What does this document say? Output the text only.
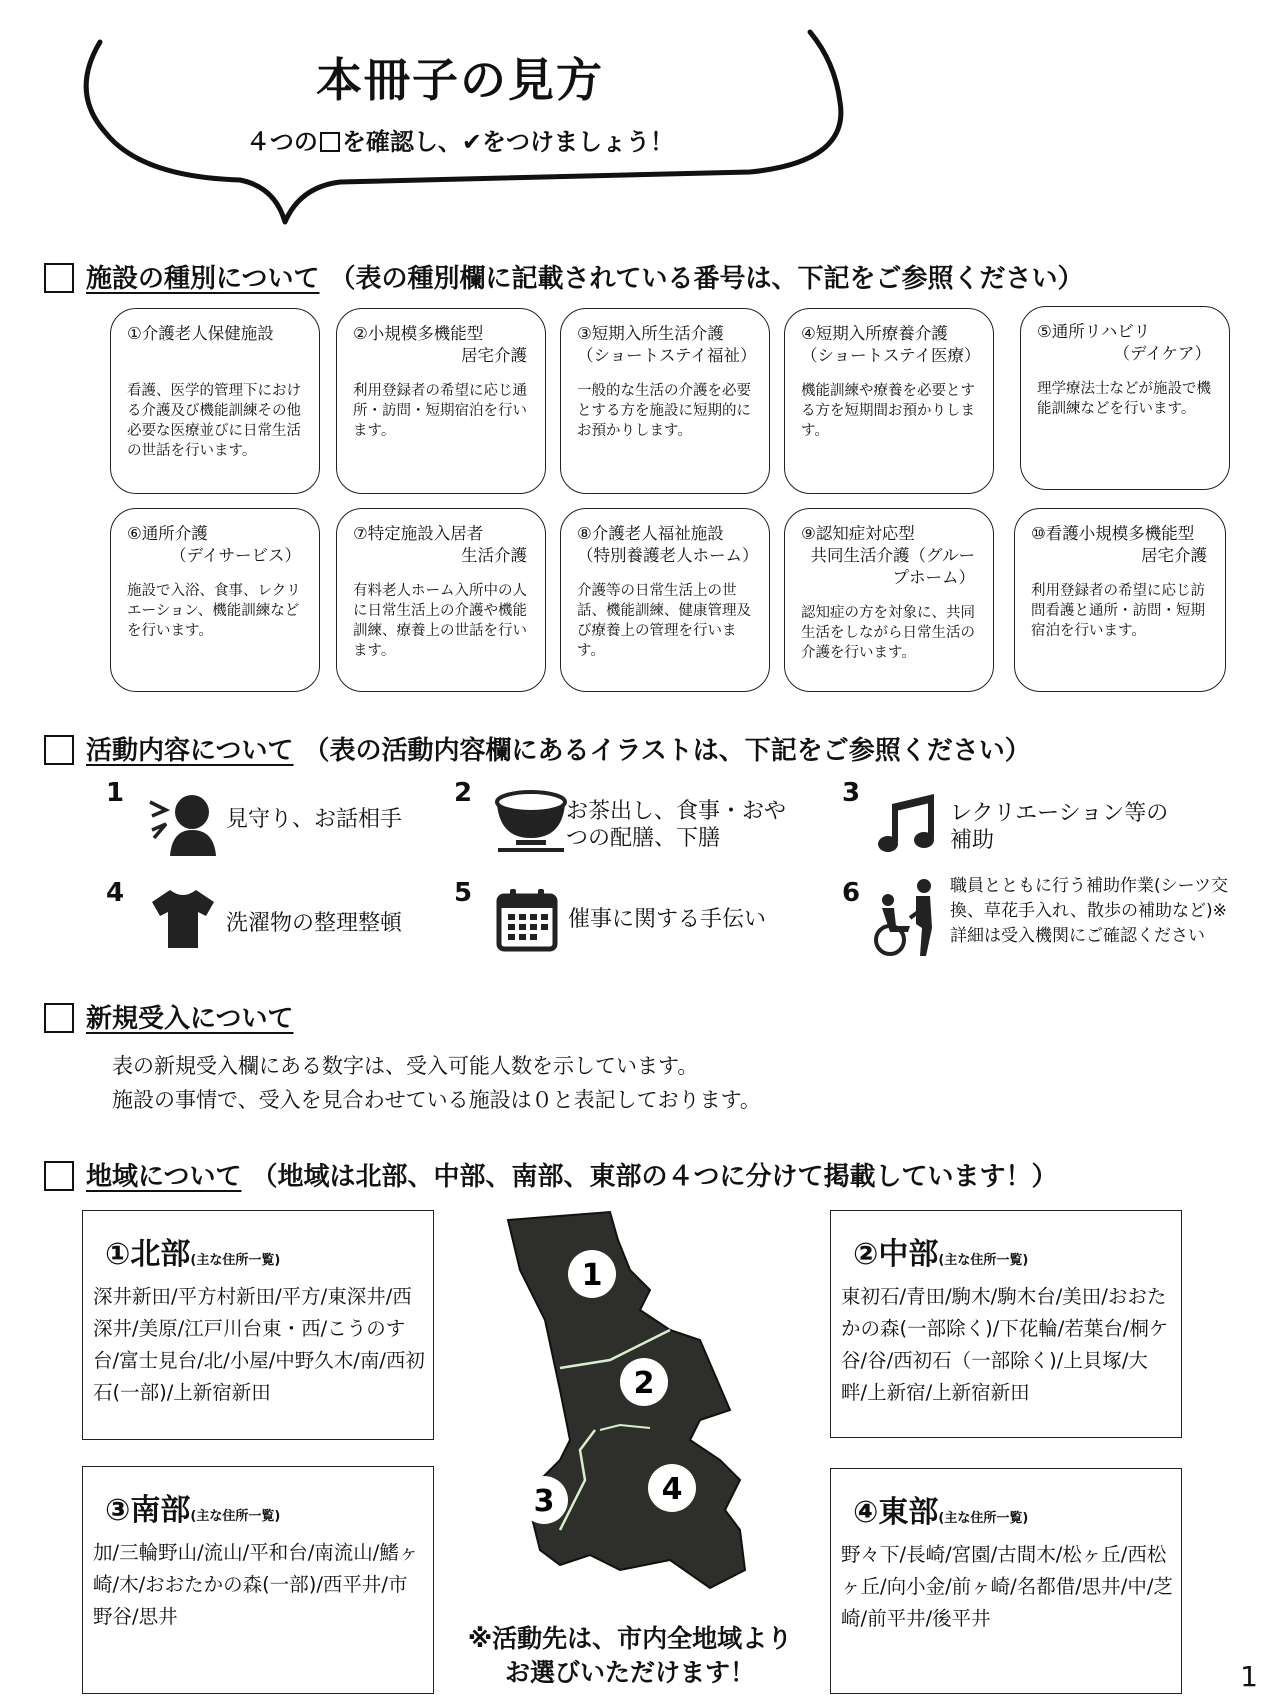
本冊子の見方
４つの を確認し、✔をつけましょう！
施設の種別について （表の種別欄に記載されている番号は、下記をご参照ください）
①介護老人保健施設
看護、医学的管理下における介護及び機能訓練その他必要な医療並びに日常生活の世話を行います。
②小規模多機能型
居宅介護
利用登録者の希望に応じ通所・訪問・短期宿泊を行います。
③短期入所生活介護
（ショートステイ福祉）
一般的な生活の介護を必要とする方を施設に短期的にお預かりします。
④短期入所療養介護
（ショートステイ医療）
機能訓練や療養を必要とする方を短期間お預かりします。
⑤通所リハビリ
（デイケア）
理学療法士などが施設で機能訓練などを行います。
⑥通所介護
（デイサービス）
施設で入浴、食事、レクリエーション、機能訓練などを行います。
⑦特定施設入居者
生活介護
有料老人ホーム入所中の人に日常生活上の介護や機能訓練、療養上の世話を行います。
⑧介護老人福祉施設
（特別養護老人ホーム）
介護等の日常生活上の世話、機能訓練、健康管理及び療養上の管理を行います。
⑨認知症対応型
共同生活介護（グループホーム）
認知症の方を対象に、共同生活をしながら日常生活の介護を行います。
⑩看護小規模多機能型
居宅介護
利用登録者の希望に応じ訪問看護と通所・訪問・短期宿泊を行います。
活動内容について （表の活動内容欄にあるイラストは、下記をご参照ください）
1
見守り、お話相手
2
お茶出し、食事・おやつの配膳、下膳
3
レクリエーション等の補助
4
洗濯物の整理整頓
5
催事に関する手伝い
6	職員とともに行う補助作業(シーツ交換、草花手入れ、散歩の補助など)※詳細は受入機関にご確認ください
新規受入について
表の新規受入欄にある数字は、受入可能人数を示しています。
施設の事情で、受入を見合わせている施設は０と表記しております。
地域について （地域は北部、中部、南部、東部の４つに分けて掲載しています！）
①北部(主な住所一覧)
深井新田/平方村新田/平方/東深井/西深井/美原/江戸川台東・西/こうのす台/富士見台/北/小屋/中野久木/南/西初石(一部)/上新宿新田
②中部(主な住所一覧)
東初石/青田/駒木/駒木台/美田/おおたかの森(一部除く)/下花輪/若葉台/桐ケ谷/谷/西初石（一部除く)/上貝塚/大畔/上新宿/上新宿新田
③南部(主な住所一覧)
加/三輪野山/流山/平和台/南流山/鰭ヶ崎/木/おおたかの森(一部)/西平井/市野谷/思井
④東部(主な住所一覧)
野々下/長崎/宮園/古間木/松ヶ丘/西松ヶ丘/向小金/前ヶ崎/名都借/思井/中/芝崎/前平井/後平井
1
2
3	4
※活動先は、市内全地域より
お選びいただけます！	1
